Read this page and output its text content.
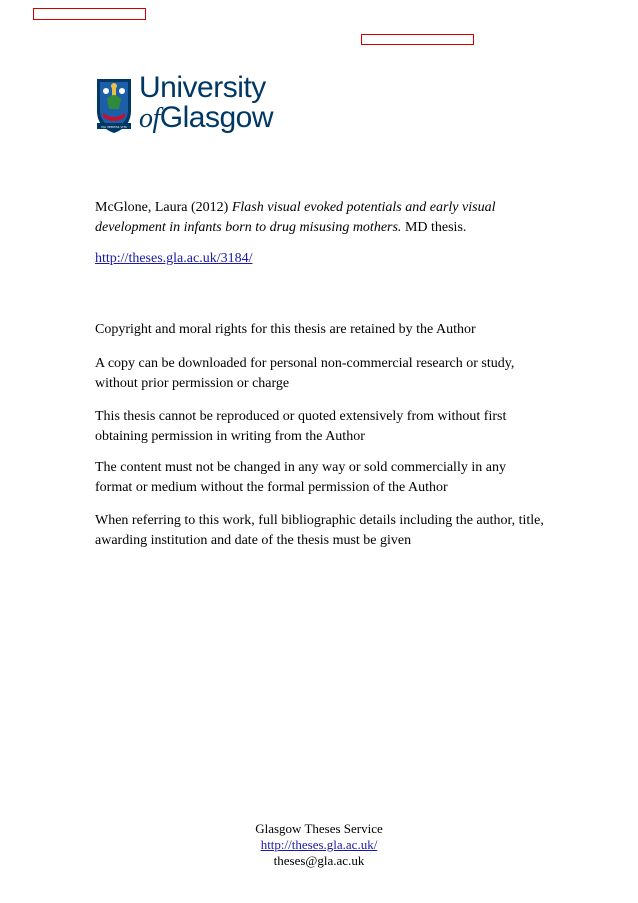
VIA VERITAS VITA
University
ofGlasgow
McGlone, Laura (2012) Flash visual evoked potentials and early visual development in infants born to drug misusing mothers. MD thesis.
http://theses.gla.ac.uk/3184/
Copyright and moral rights for this thesis are retained by the Author
A copy can be downloaded for personal non-commercial research or study, without prior permission or charge
This thesis cannot be reproduced or quoted extensively from without first obtaining permission in writing from the Author
The content must not be changed in any way or sold commercially in any format or medium without the formal permission of the Author
When referring to this work, full bibliographic details including the author, title, awarding institution and date of the thesis must be given
Glasgow Theses Service
http://theses.gla.ac.uk/
theses@gla.ac.uk
